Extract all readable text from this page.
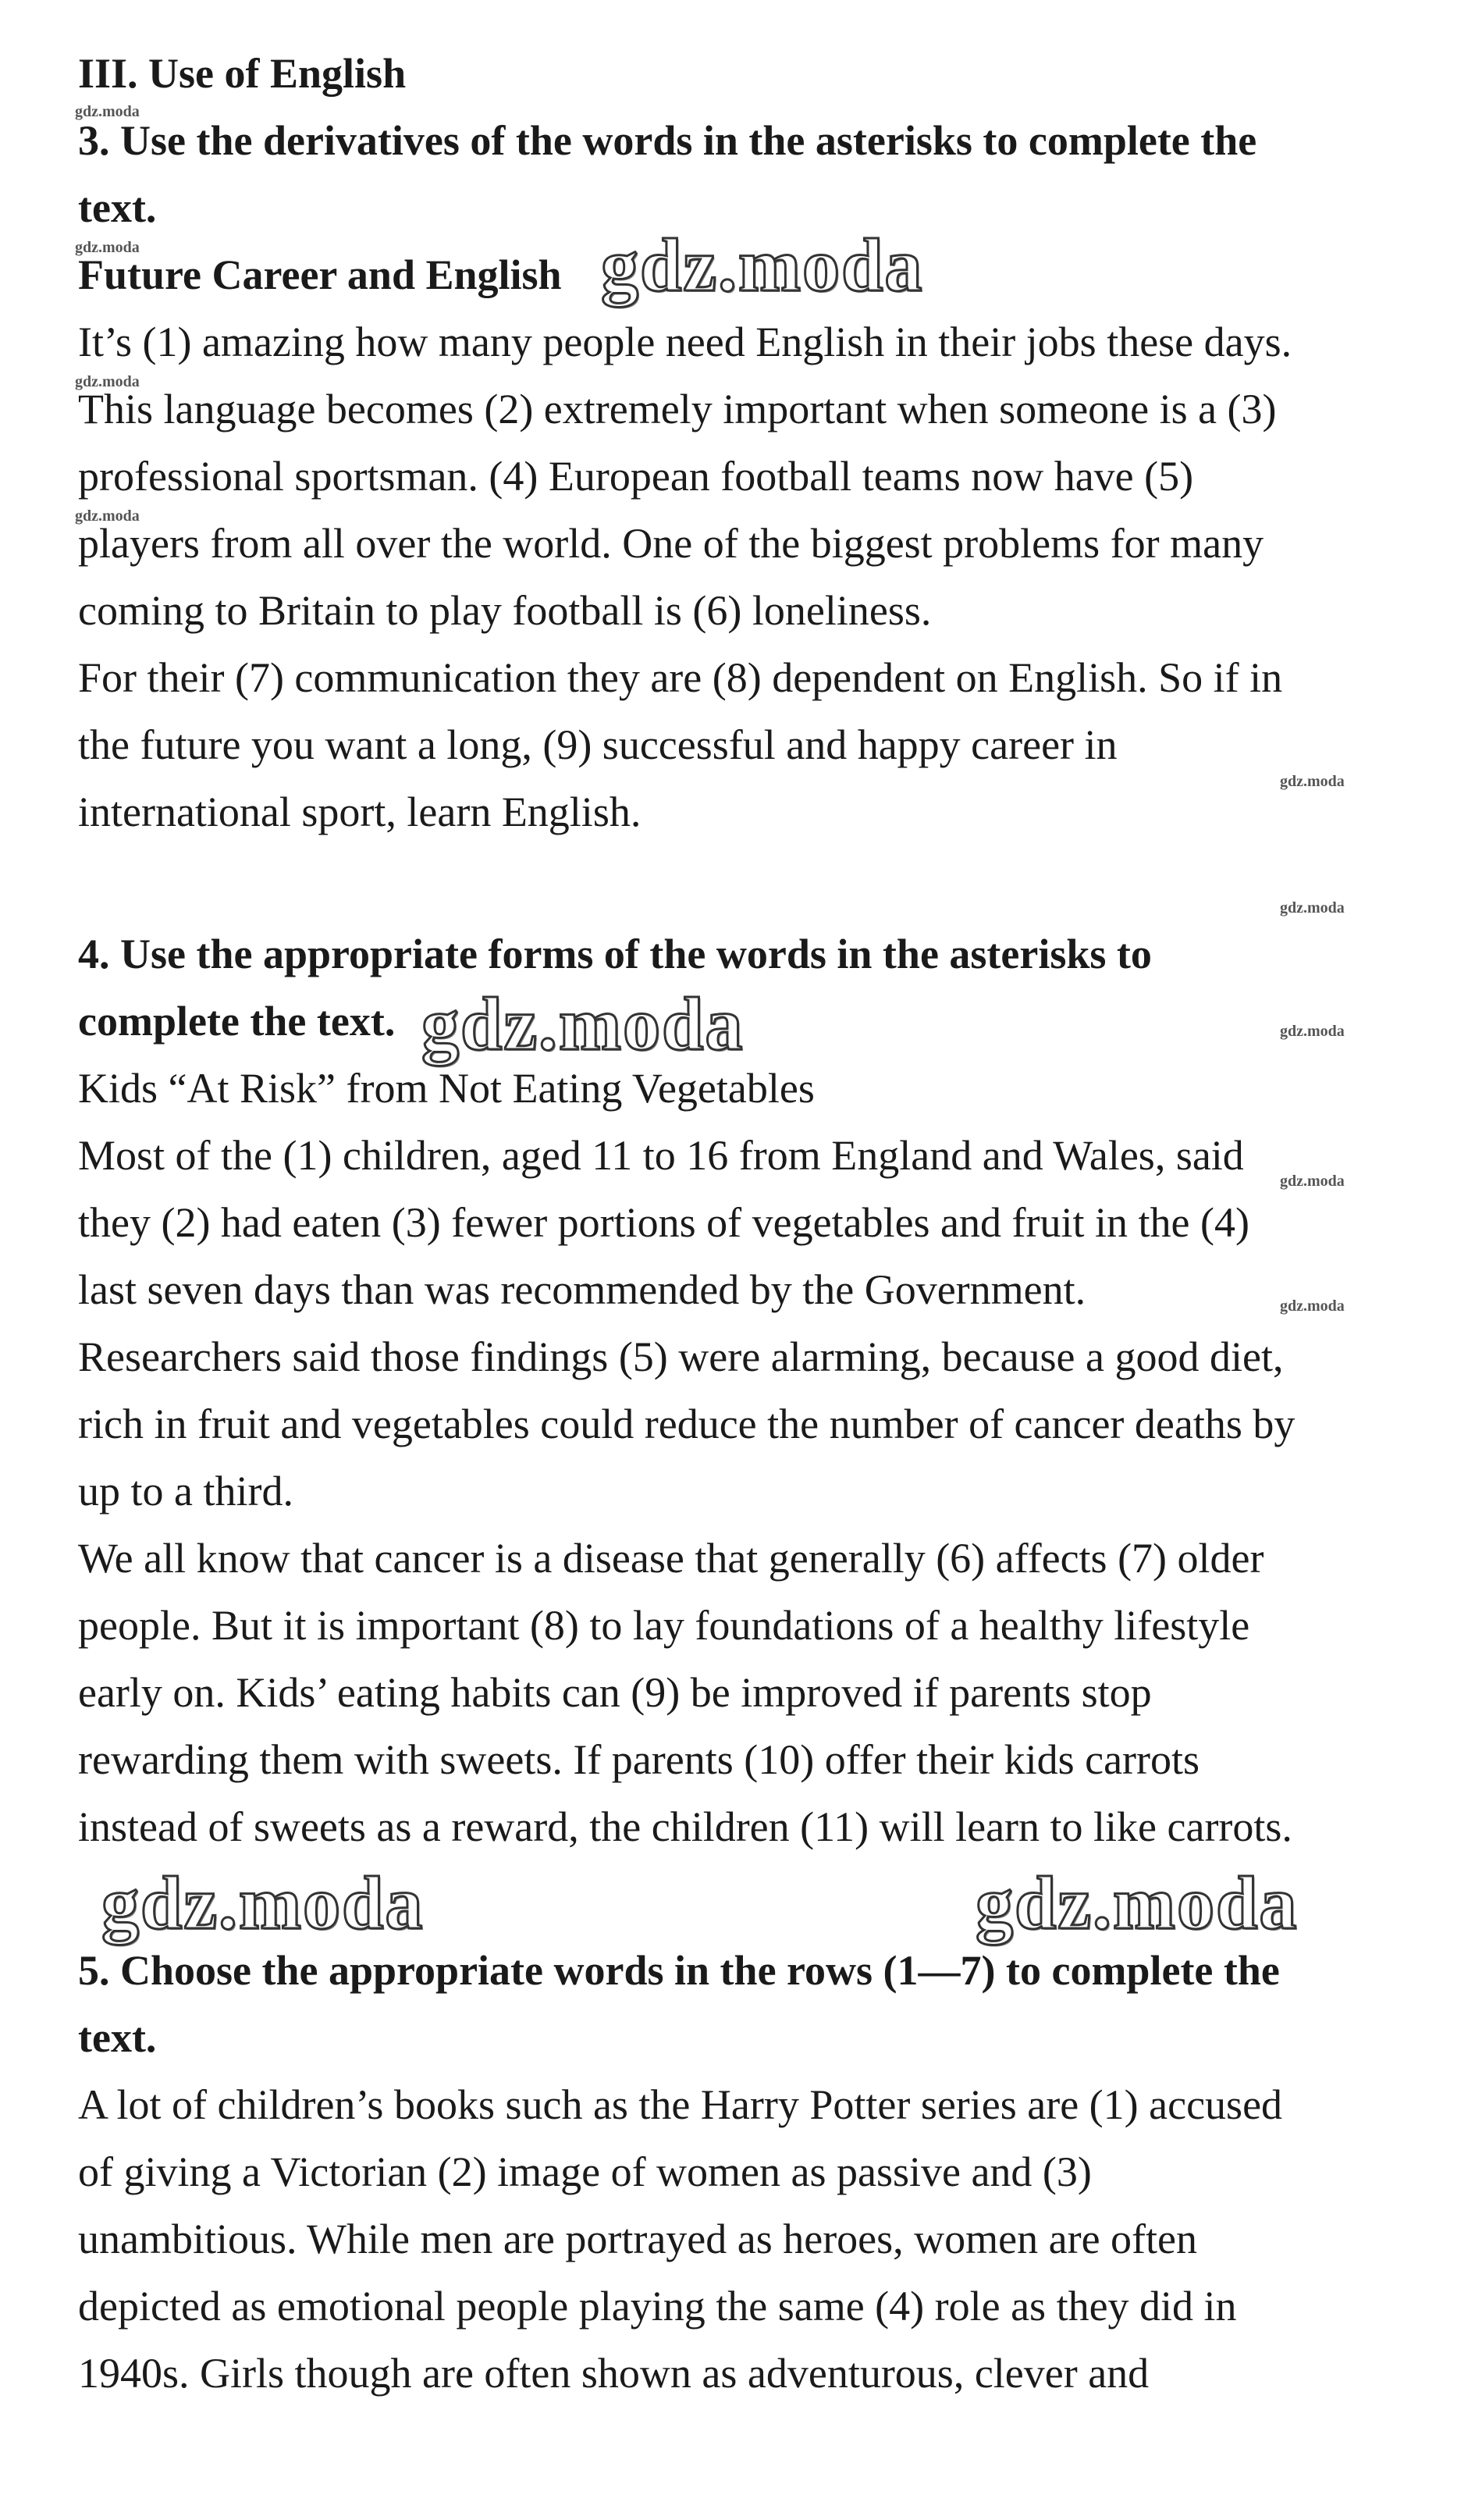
III. Use of English
3. Use the derivatives of the words in the asterisks to complete the
text.
Future Career and English
It’s (1) amazing how many people need English in their jobs these days.
This language becomes (2) extremely important when someone is a (3)
professional sportsman. (4) European football teams now have (5)
players from all over the world. One of the biggest problems for many
coming to Britain to play football is (6) loneliness.
For their (7) communication they are (8) dependent on English. So if in
the future you want a long, (9) successful and happy career in
international sport, learn English.
4. Use the appropriate forms of the words in the asterisks to
complete the text.
Kids “At Risk” from Not Eating Vegetables
Most of the (1) children, aged 11 to 16 from England and Wales, said
they (2) had eaten (3) fewer portions of vegetables and fruit in the (4)
last seven days than was recommended by the Government.
Researchers said those findings (5) were alarming, because a good diet,
rich in fruit and vegetables could reduce the number of cancer deaths by
up to a third.
We all know that cancer is a disease that generally (6) affects (7) older
people. But it is important (8) to lay foundations of a healthy lifestyle
early on. Kids’ eating habits can (9) be improved if parents stop
rewarding them with sweets. If parents (10) offer their kids carrots
instead of sweets as a reward, the children (11) will learn to like carrots.
5. Choose the appropriate words in the rows (1—7) to complete the
text.
A lot of children’s books such as the Harry Potter series are (1) accused
of giving a Victorian (2) image of women as passive and (3)
unambitious. While men are portrayed as heroes, women are often
depicted as emotional people playing the same (4) role as they did in
1940s. Girls though are often shown as adventurous, clever and
gdz.moda
gdz.moda
gdz.moda
gdz.moda
gdz.moda
gdz.moda
gdz.moda
gdz.moda
gdz.moda
gdz.moda
gdz.moda
gdz.moda	gdz.moda
